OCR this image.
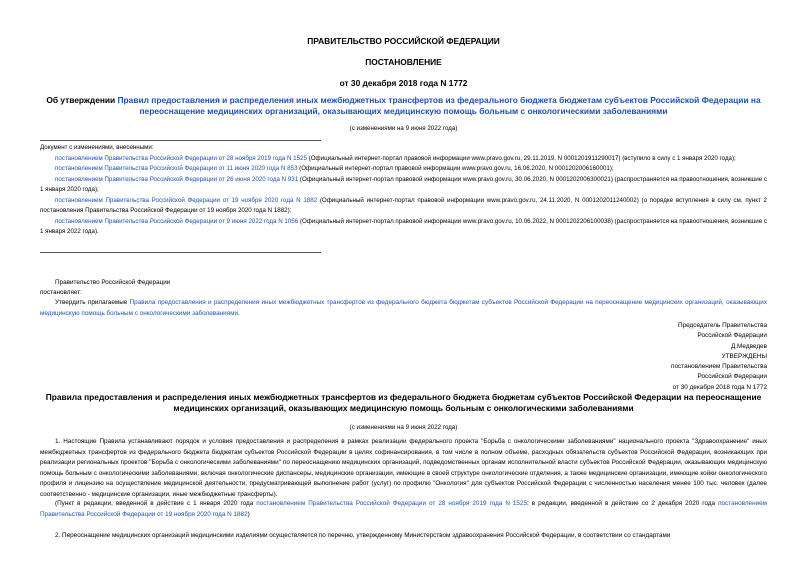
ПРАВИТЕЛЬСТВО РОССИЙСКОЙ ФЕДЕРАЦИИ
ПОСТАНОВЛЕНИЕ
от 30 декабря 2018 года N 1772
Об утверждении Правил предоставления и распределения иных межбюджетных трансфертов из федерального бюджета бюджетам субъектов Российской Федерации на переоснащение медицинских организаций, оказывающих медицинскую помощь больным с онкологическими заболеваниями
(с изменениями на 9 июня 2022 года)
Документ с изменениями, внесенными:
постановлением Правительства Российской Федерации от 28 ноября 2019 года N 1525 (Официальный интернет-портал правовой информации www.pravo.gov.ru, 29.11.2019, N 0001201911290017) (вступило в силу с 1 января 2020 года);
постановлением Правительства Российской Федерации от 11 июня 2020 года N 853 (Официальный интернет-портал правовой информации www.pravo.gov.ru, 16.06.2020, N 0001202006160001);
постановлением Правительства Российской Федерации от 26 июня 2020 года N 931 (Официальный интернет-портал правовой информации www.pravo.gov.ru, 30.06.2020, N 0001202006300021) (распространяется на правоотношения, возникшие с 1 января 2020 года);
постановлением Правительства Российской Федерации от 19 ноября 2020 года N 1882 (Официальный интернет-портал правовой информации www.pravo.gov.ru, 24.11.2020, N 0001202011240002) (о порядке вступления в силу см. пункт 2 постановления Правительства Российской Федерации от 19 ноября 2020 года N 1882);
постановлением Правительства Российской Федерации от 9 июня 2022 года N 1056 (Официальный интернет-портал правовой информации www.pravo.gov.ru, 10.06.2022, N 0001202206100038) (распространяется на правоотношения, возникшие с 1 января 2022 года).
Правительство Российской Федерации
постановляет:
Утвердить прилагаемые Правила предоставления и распределения иных межбюджетных трансфертов из федерального бюджета бюджетам субъектов Российской Федерации на переоснащение медицинских организаций, оказывающих медицинскую помощь больным с онкологическими заболеваниями.
Председатель Правительства
Российской Федерации
Д.Медведев
УТВЕРЖДЕНЫ
постановлением Правительства
Российской Федерации
от 30 декабря 2018 года N 1772
Правила предоставления и распределения иных межбюджетных трансфертов из федерального бюджета бюджетам субъектов Российской Федерации на переоснащение медицинских организаций, оказывающих медицинскую помощь больным с онкологическими заболеваниями
(с изменениями на 9 июня 2022 года)
1. Настоящие Правила устанавливают порядок и условия предоставления и распределения в рамках реализации федерального проекта "Борьба с онкологическими заболеваниями" национального проекта "Здравоохранение" иных межбюджетных трансфертов из федерального бюджета бюджетам субъектов Российской Федерации в целях софинансирования, в том числе в полном объеме, расходных обязательств субъектов Российской Федерации, возникающих при реализации региональных проектов "Борьба с онкологическими заболеваниями" по переоснащению медицинских организаций, подведомственных органам исполнительной власти субъектов Российской Федерации, оказывающих медицинскую помощь больным с онкологическими заболеваниями, включая онкологические диспансеры, медицинские организации, имеющие в своей структуре онкологические отделения, а также медицинские организации, имеющие койки онкологического профиля и лицензию на осуществление медицинской деятельности, предусматривающей выполнение работ (услуг) по профилю "Онкология" для субъектов Российской Федерации с численностью населения менее 100 тыс. человек (далее соответственно - медицинские организации, иные межбюджетные трансферты).
(Пункт в редакции, введенной в действие с 1 января 2020 года постановлением Правительства Российской Федерации от 28 ноября 2019 года N 1525; в редакции, введенной в действие со 2 декабря 2020 года постановлением Правительства Российской Федерации от 19 ноября 2020 года N 1882)
2. Переоснащение медицинских организаций медицинскими изделиями осуществляется по перечню, утвержденному Министерством здравоохранения Российской Федерации, в соответствии со стандартами
